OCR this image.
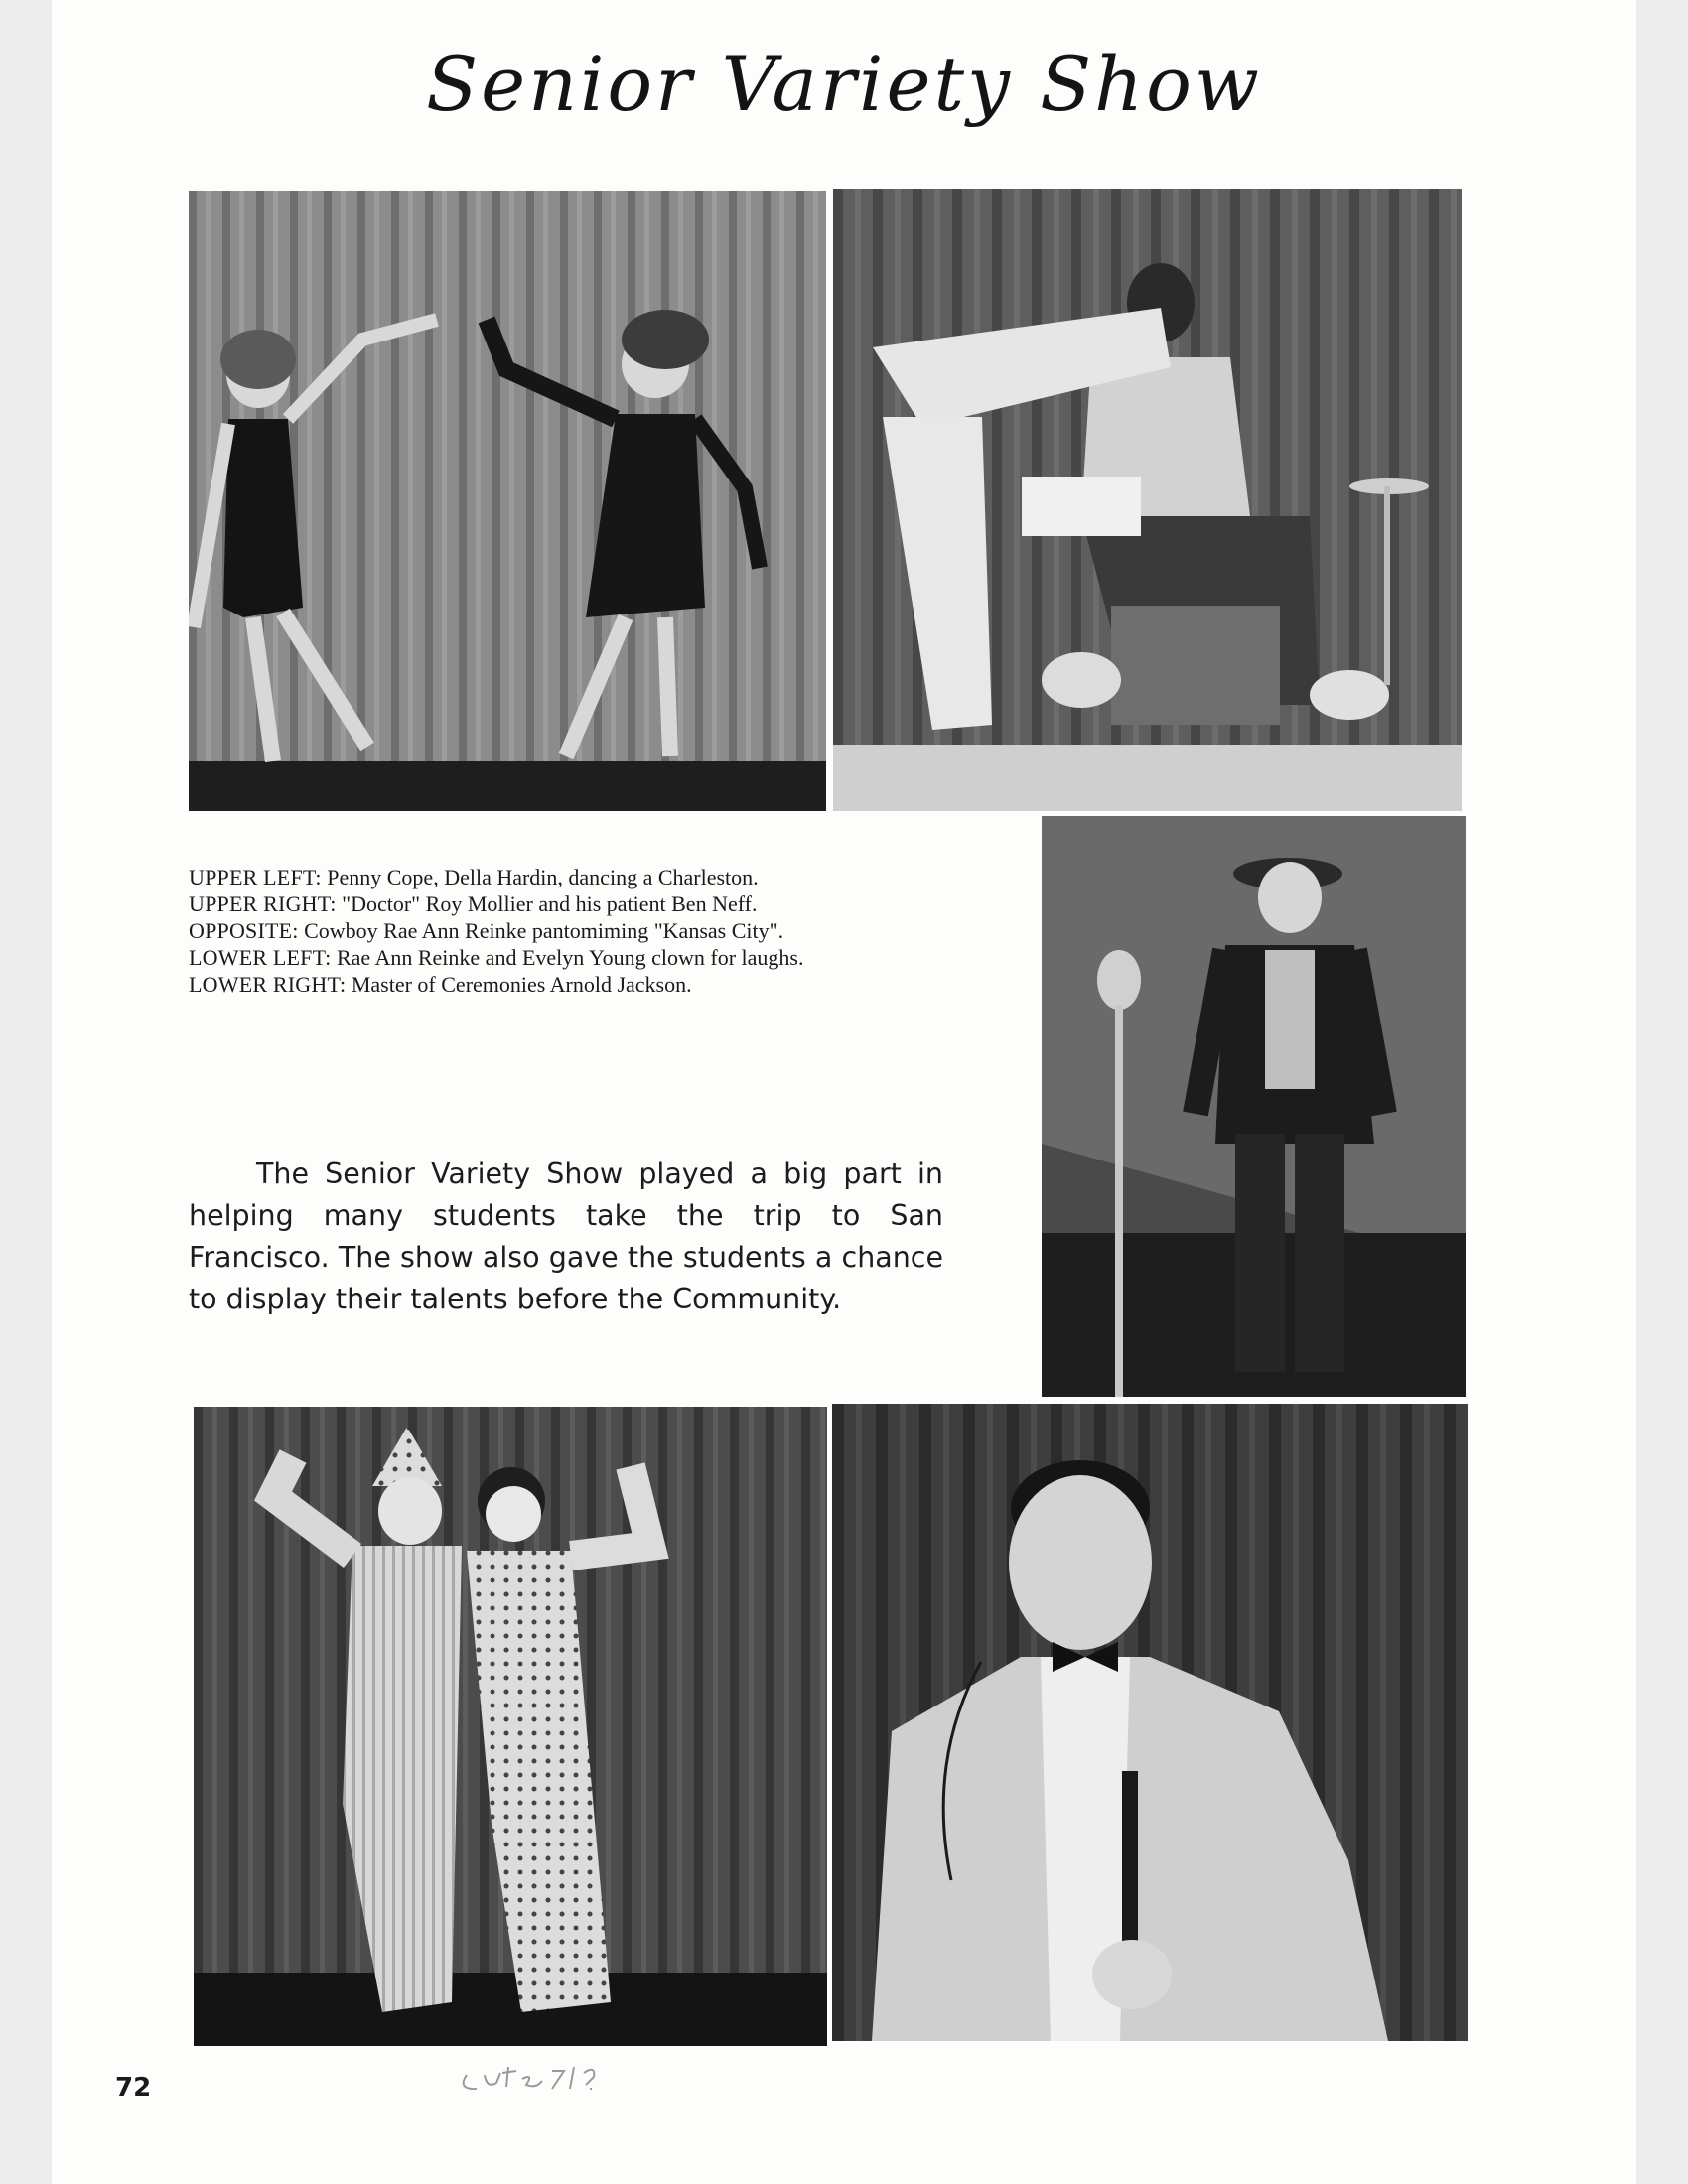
Senior Variety Show

UPPER LEFT: Penny Cope, Della Hardin, dancing a Charleston.

UPPER RIGHT: "Doctor" Roy Mollier and his patient Ben Neff.

OPPOSITE: Cowboy Rae Ann Reinke pantomiming "Kansas City".

LOWER LEFT: Rae Ann Reinke and Evelyn Young clown for laughs.

LOWER RIGHT: Master of Ceremonies Arnold Jackson.

The Senior Variety Show played a big part in helping many students take the trip to San Francisco. The show also gave the students a chance to display their talents before the Community.
72
